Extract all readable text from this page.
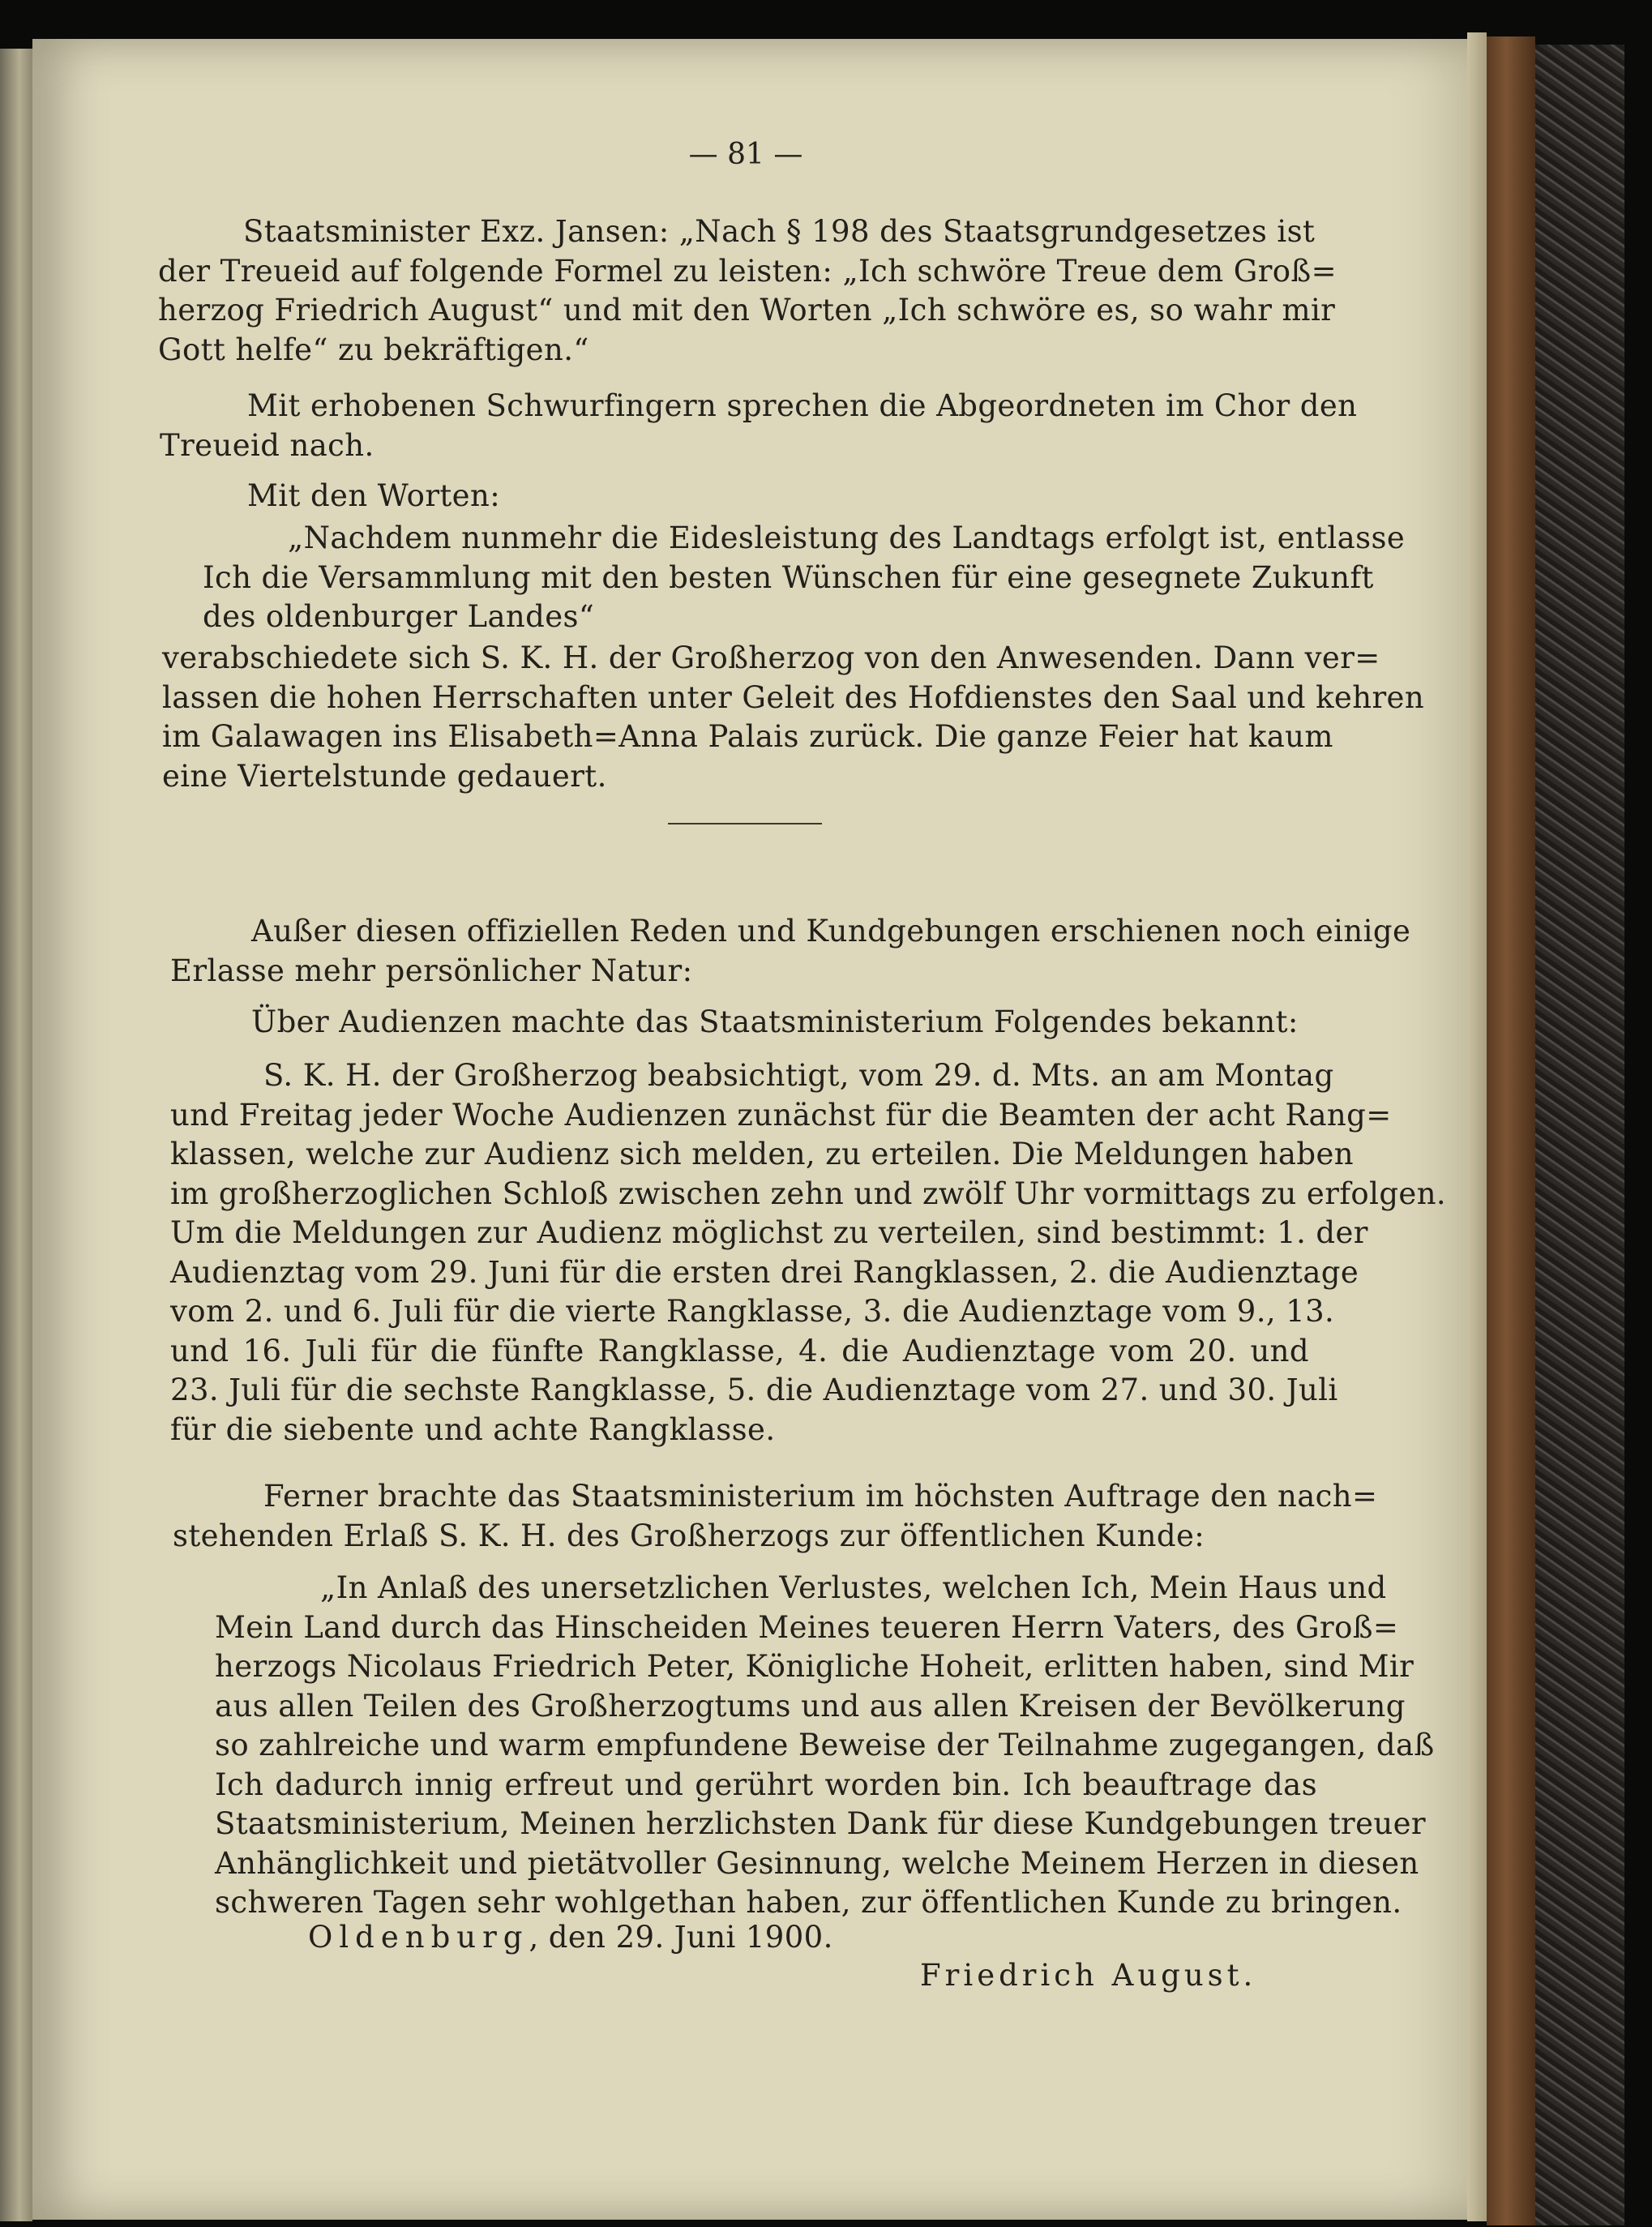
— 81 —
Staatsminister Exz. Jansen: „Nach § 198 des Staatsgrundgesetzes ist
der Treueid auf folgende Formel zu leisten: „Ich schwöre Treue dem Groß=
herzog Friedrich August“ und mit den Worten „Ich schwöre es, so wahr mir
Gott helfe“ zu bekräftigen.“
Mit erhobenen Schwurfingern sprechen die Abgeordneten im Chor den
Treueid nach.
Mit den Worten:
„Nachdem nunmehr die Eidesleistung des Landtags erfolgt ist, entlasse
Ich die Versammlung mit den besten Wünschen für eine gesegnete Zukunft
des oldenburger Landes“
verabschiedete sich S. K. H. der Großherzog von den Anwesenden. Dann ver=
lassen die hohen Herrschaften unter Geleit des Hofdienstes den Saal und kehren
im Galawagen ins Elisabeth=Anna Palais zurück. Die ganze Feier hat kaum
eine Viertelstunde gedauert.
Außer diesen offiziellen Reden und Kundgebungen erschienen noch einige
Erlasse mehr persönlicher Natur:
Über Audienzen machte das Staatsministerium Folgendes bekannt:
S. K. H. der Großherzog beabsichtigt, vom 29. d. Mts. an am Montag
und Freitag jeder Woche Audienzen zunächst für die Beamten der acht Rang=
klassen, welche zur Audienz sich melden, zu erteilen. Die Meldungen haben
im großherzoglichen Schloß zwischen zehn und zwölf Uhr vormittags zu erfolgen.
Um die Meldungen zur Audienz möglichst zu verteilen, sind bestimmt: 1. der
Audienztag vom 29. Juni für die ersten drei Rangklassen, 2. die Audienztage
vom 2. und 6. Juli für die vierte Rangklasse, 3. die Audienztage vom 9., 13.
und 16. Juli für die fünfte Rangklasse, 4. die Audienztage vom 20. und
23. Juli für die sechste Rangklasse, 5. die Audienztage vom 27. und 30. Juli
für die siebente und achte Rangklasse.
Ferner brachte das Staatsministerium im höchsten Auftrage den nach=
stehenden Erlaß S. K. H. des Großherzogs zur öffentlichen Kunde:
„In Anlaß des unersetzlichen Verlustes, welchen Ich, Mein Haus und
Mein Land durch das Hinscheiden Meines teueren Herrn Vaters, des Groß=
herzogs Nicolaus Friedrich Peter, Königliche Hoheit, erlitten haben, sind Mir
aus allen Teilen des Großherzogtums und aus allen Kreisen der Bevölkerung
so zahlreiche und warm empfundene Beweise der Teilnahme zugegangen, daß
Ich dadurch innig erfreut und gerührt worden bin. Ich beauftrage das
Staatsministerium, Meinen herzlichsten Dank für diese Kundgebungen treuer
Anhänglichkeit und pietätvoller Gesinnung, welche Meinem Herzen in diesen
schweren Tagen sehr wohlgethan haben, zur öffentlichen Kunde zu bringen.
Oldenburg, den 29. Juni 1900.
Friedrich August.
